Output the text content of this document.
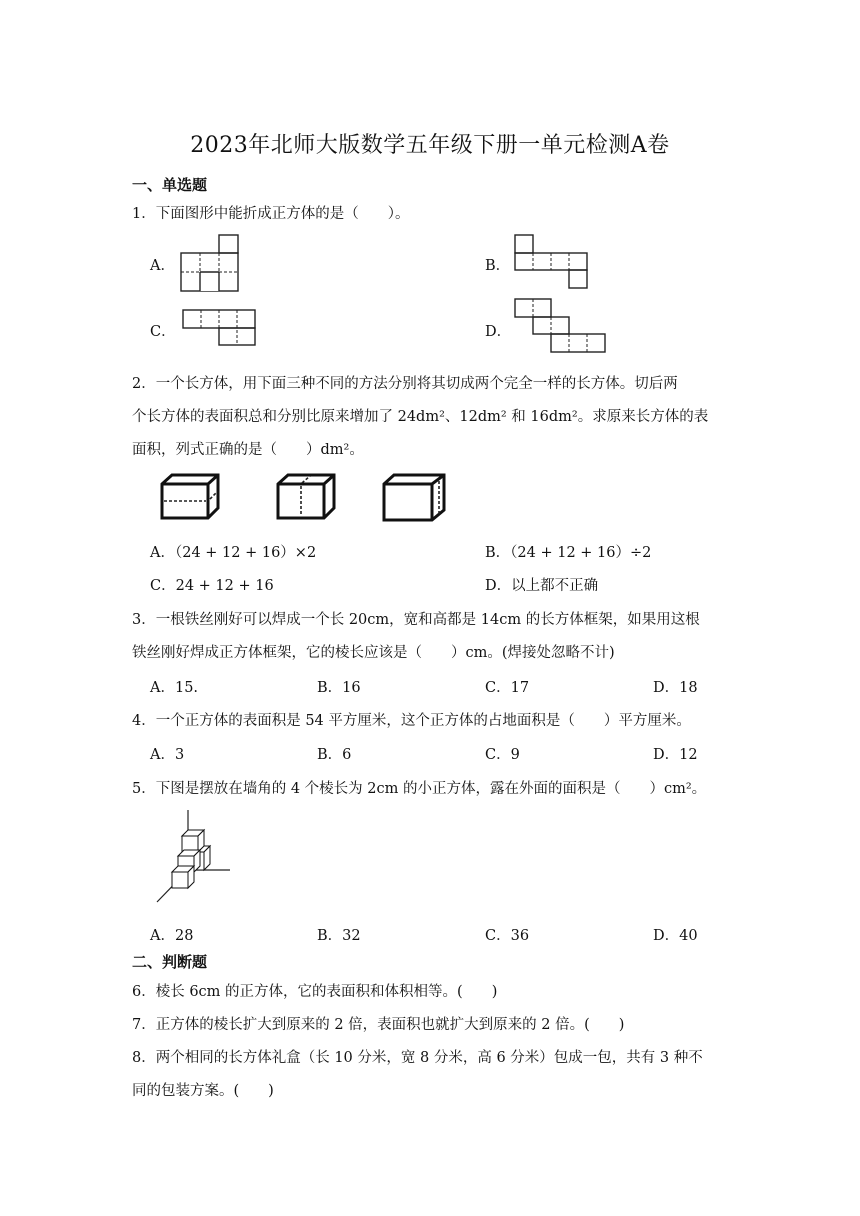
2023年北师大版数学五年级下册一单元检测A卷
一、单选题
1．下面图形中能折成正方体的是（　　）。
A．	B．
C．	D．
2．一个长方体，用下面三种不同的方法分别将其切成两个完全一样的长方体。切后两
个长方体的表面积总和分别比原来增加了 24dm²、12dm² 和 16dm²。求原来长方体的表
面积，列式正确的是（　　）dm²。
A．（24 + 12 + 16）×2	B．（24 + 12 + 16）÷2
C．24 + 12 + 16	D．以上都不正确
3．一根铁丝刚好可以焊成一个长 20cm，宽和高都是 14cm 的长方体框架，如果用这根
铁丝刚好焊成正方体框架，它的棱长应该是（　　）cm。(焊接处忽略不计)
A．15.	B．16	C．17	D．18
4．一个正方体的表面积是 54 平方厘米，这个正方体的占地面积是（　　）平方厘米。
A．3	B．6	C．9	D．12
5．下图是摆放在墙角的 4 个棱长为 2cm 的小正方体，露在外面的面积是（　　）cm²。
A．28	B．32	C．36	D．40
二、判断题
6．棱长 6cm 的正方体，它的表面积和体积相等。(　　)
7．正方体的棱长扩大到原来的 2 倍，表面积也就扩大到原来的 2 倍。(　　)
8．两个相同的长方体礼盒（长 10 分米，宽 8 分米，高 6 分米）包成一包，共有 3 种不
同的包装方案。(　　)
